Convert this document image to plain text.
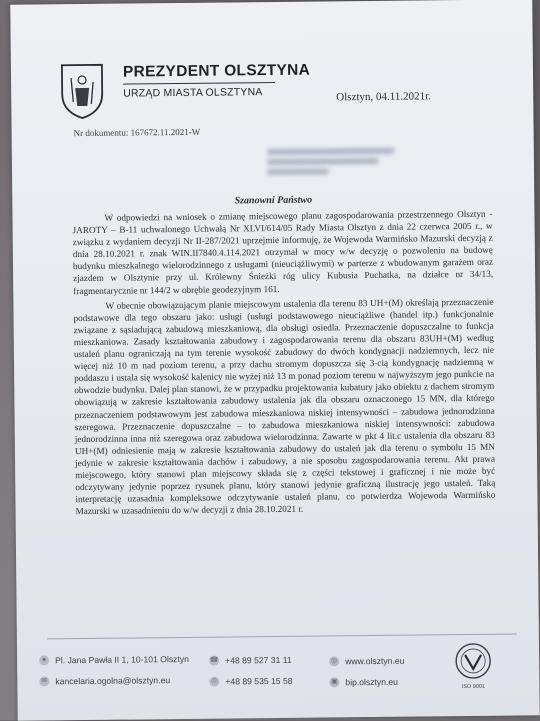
PREZYDENT OLSZTYNA
URZĄD MIASTA OLSZTYNA	Olsztyn, 04.11.2021r.
Nr dokumentu: 167672.11.2021-W
Szanowni Państwo

W odpowiedzi na wniosek o zmianę miejscowego planu zagospodarowania przestrzennego Olsztyn - JAROTY – B-11 uchwalonego Uchwałą Nr XLVI/614/05 Rady Miasta Olsztyn z dnia 22 czerwca 2005 r., w związku z wydaniem decyzji Nr II-287/2021 uprzejmie informuję, że Wojewoda Warmińsko Mazurski decyzją z dnia 28.10.2021 r. znak WIN.II7840.4.114.2021 otrzymał w mocy w/w decyzję o pozwoleniu na budowę budynku mieszkalnego wielorodzinnego z usługami (nieuciążliwymi) w parterze z wbudowanym garażem oraz zjazdem w Olsztynie przy ul. Królewny Śnieżki róg ulicy Kubusia Puchatka, na działce nr 34/13, fragmentarycznie nr 144/2 w obrębie geodezyjnym 161.

W obecnie obowiązującym planie miejscowym ustalenia dla terenu 83 UH+(M) określają przeznaczenie podstawowe dla tego obszaru jako: usługi (usługi podstawowego nieuciążliwe (handel itp.) funkcjonalnie związane z sąsiadującą zabudową mieszkaniową, dla obsługi osiedla. Przeznaczenie dopuszczalne to funkcja mieszkaniowa. Zasady kształtowania zabudowy i zagospodarowania terenu dla obszaru 83UH+(M) według ustaleń planu ograniczają na tym terenie wysokość zabudowy do dwóch kondygnacji nadziemnych, lecz nie więcej niż 10 m nad poziom terenu, a przy dachu stromym dopuszcza się 3-cią kondygnację nadziemną w poddaszu i ustala się wysokość kalenicy nie wyżej niż 13 m ponad poziom terenu w najwyższym jego punkcie na obwodzie budynku. Dalej plan stanowi, że w przypadku projektowania kubatury jako obiektu z dachem stromym obowiązują w zakresie kształtowania zabudowy ustalenia jak dla obszaru oznaczonego 15 MN, dla którego przeznaczeniem podstawowym jest zabudowa mieszkaniowa niskiej intensywności – zabudowa jednorodzinna szeregowa. Przeznaczenie dopuszczalne – to zabudowa mieszkaniowa niskiej intensywności: zabudowa jednorodzinna inna niż szeregowa oraz zabudowa wielorodzinna. Zawarte w pkt 4 lit.c ustalenia dla obszaru 83 UH+(M) odniesienie mają w zakresie kształtowania zabudowy do ustaleń jak dla terenu o symbolu 15 MN jedynie w zakresie kształtowania dachów i zabudowy, a nie sposobu zagospodarowania terenu. Akt prawa miejscowego, który stanowi plan miejscowy składa się z części tekstowej i graficznej i nie może być odczytywany jedynie poprzez rysunek planu, który stanowi jedynie graficzną ilustrację jego ustaleń. Taką interpretację uzasadnia kompleksowe odczytywanie ustaleń planu, co potwierdza Wojewoda Warmińsko Mazurski w uzasadnieniu do w/w decyzji z dnia 28.10.2021 r.

●	Pl. Jana Pawła II 1, 10-101 Olsztyn
✉ kancelaria.ogolna@olsztyn.eu
☎ +48 89 527 31 11
⎙ +48 89 535 15 58
◎ www.olsztyn.eu
▣ bip.olsztyn.eu	ISO 9001
